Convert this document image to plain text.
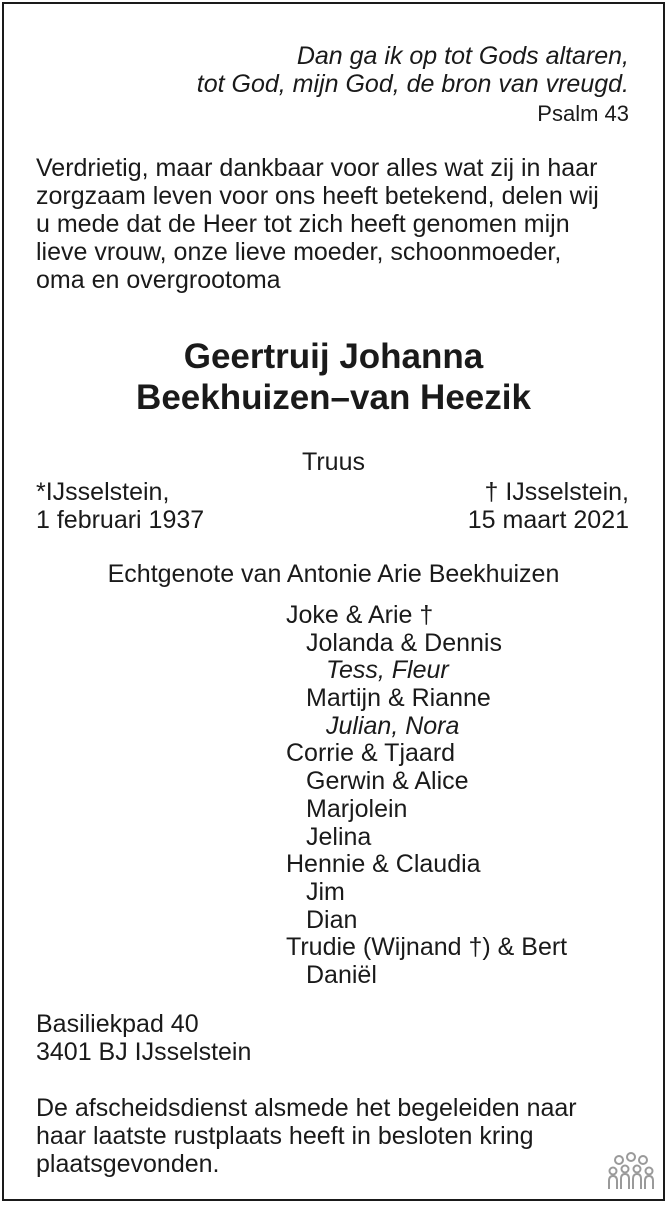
Dan ga ik op tot Gods altaren,
tot God, mijn God, de bron van vreugd.
Psalm 43
Verdrietig, maar dankbaar voor alles wat zij in haar
zorgzaam leven voor ons heeft betekend, delen wij
u mede dat de Heer tot zich heeft genomen mijn
lieve vrouw, onze lieve moeder, schoonmoeder,
oma en overgrootoma
Geertruij Johanna
Beekhuizen–van Heezik
Truus
*IJsselstein,
1 februari 1937
† IJsselstein,
15 maart 2021
Echtgenote van Antonie Arie Beekhuizen
Joke & Arie †
Jolanda & Dennis
Tess, Fleur
Martijn & Rianne
Julian, Nora
Corrie & Tjaard
Gerwin & Alice
Marjolein
Jelina
Hennie & Claudia
Jim
Dian
Trudie (Wijnand †) & Bert
Daniël
Basiliekpad 40
3401 BJ IJsselstein
De afscheidsdienst alsmede het begeleiden naar
haar laatste rustplaats heeft in besloten kring
plaatsgevonden.
